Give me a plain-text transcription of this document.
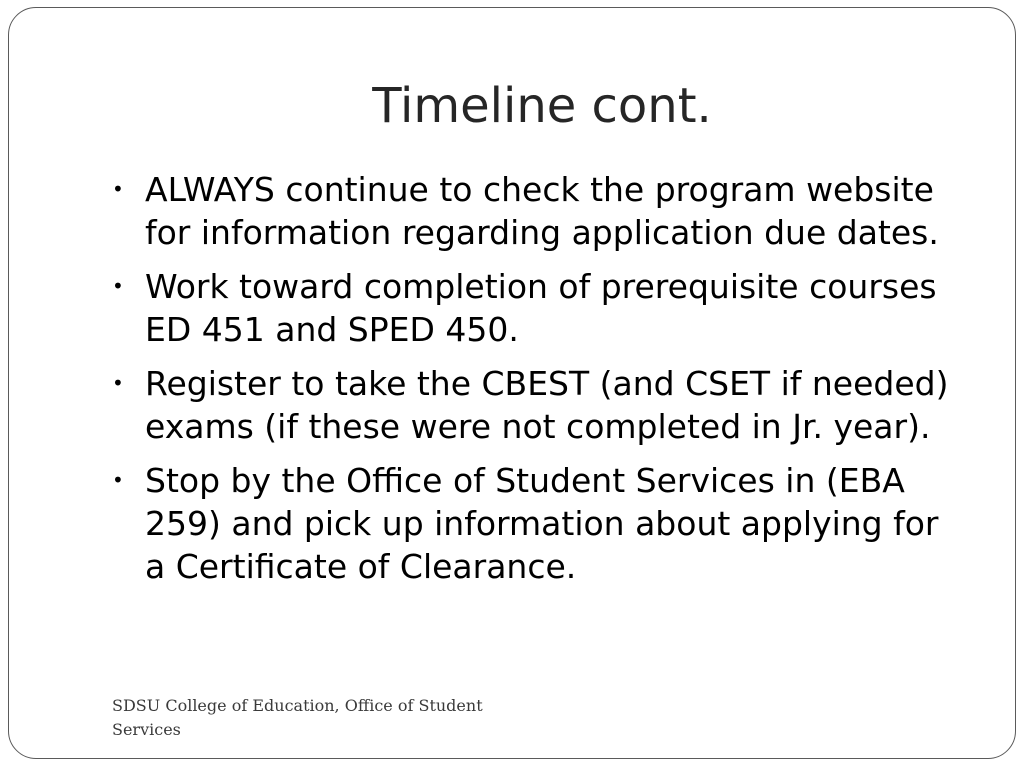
Timeline cont.
• ALWAYS continue to check the program website for information regarding application due dates.
• Work toward completion of prerequisite courses ED 451 and SPED 450.
• Register to take the CBEST (and CSET if needed) exams (if these were not completed in Jr. year).
• Stop by the Office of Student Services in (EBA 259) and pick up information about applying for a Certificate of Clearance.
SDSU College of Education, Office of Student Services
